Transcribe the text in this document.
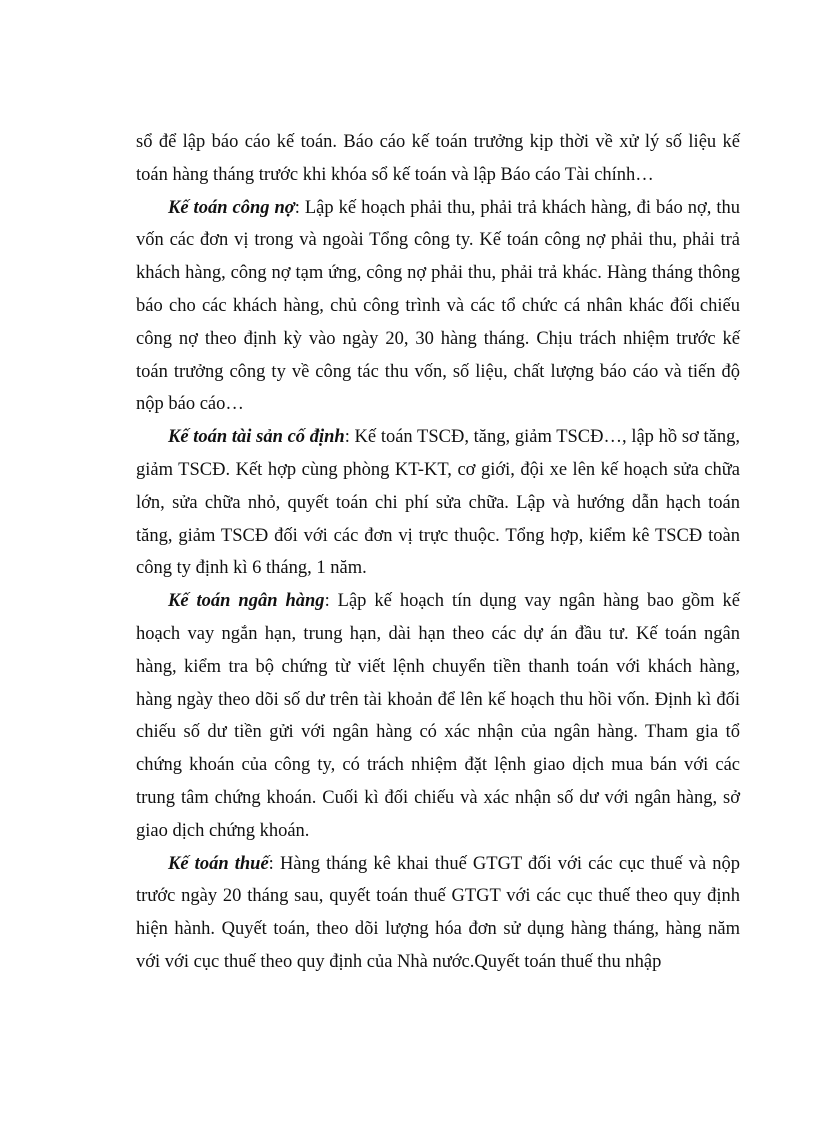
sổ để lập báo cáo kế toán. Báo cáo kế toán trưởng kịp thời về xử lý số liệu kế toán hàng tháng trước khi khóa sổ kế toán và lập Báo cáo Tài chính…

Kế toán công nợ: Lập kế hoạch phải thu, phải trả khách hàng, đi báo nợ, thu vốn các đơn vị trong và ngoài Tổng công ty. Kế toán công nợ phải thu, phải trả khách hàng, công nợ tạm ứng, công nợ phải thu, phải trả khác. Hàng tháng thông báo cho các khách hàng, chủ công trình và các tổ chức cá nhân khác đối chiếu công nợ theo định kỳ vào ngày 20, 30 hàng tháng. Chịu trách nhiệm trước kế toán trưởng công ty về công tác thu vốn, số liệu, chất lượng báo cáo và tiến độ nộp báo cáo…

Kế toán tài sản cố định: Kế toán TSCĐ, tăng, giảm TSCĐ…, lập hồ sơ tăng, giảm TSCĐ. Kết hợp cùng phòng KT-KT, cơ giới, đội xe lên kế hoạch sửa chữa lớn, sửa chữa nhỏ, quyết toán chi phí sửa chữa. Lập và hướng dẫn hạch toán tăng, giảm TSCĐ đối với các đơn vị trực thuộc. Tổng hợp, kiểm kê TSCĐ toàn công ty định kì 6 tháng, 1 năm.

Kế toán ngân hàng: Lập kế hoạch tín dụng vay ngân hàng bao gồm kế hoạch vay ngắn hạn, trung hạn, dài hạn theo các dự án đầu tư. Kế toán ngân hàng, kiểm tra bộ chứng từ viết lệnh chuyển tiền thanh toán với khách hàng, hàng ngày theo dõi số dư trên tài khoản để lên kế hoạch thu hồi vốn. Định kì đối chiếu số dư tiền gửi với ngân hàng có xác nhận của ngân hàng. Tham gia tổ chứng khoán của công ty, có trách nhiệm đặt lệnh giao dịch mua bán với các trung tâm chứng khoán. Cuối kì đối chiếu và xác nhận số dư với ngân hàng, sở giao dịch chứng khoán.

Kế toán thuế: Hàng tháng kê khai thuế GTGT đối với các cục thuế và nộp trước ngày 20 tháng sau, quyết toán thuế GTGT với các cục thuế theo quy định hiện hành. Quyết toán, theo dõi lượng hóa đơn sử dụng hàng tháng, hàng năm với với cục thuế theo quy định của Nhà nước.Quyết toán thuế thu nhập
